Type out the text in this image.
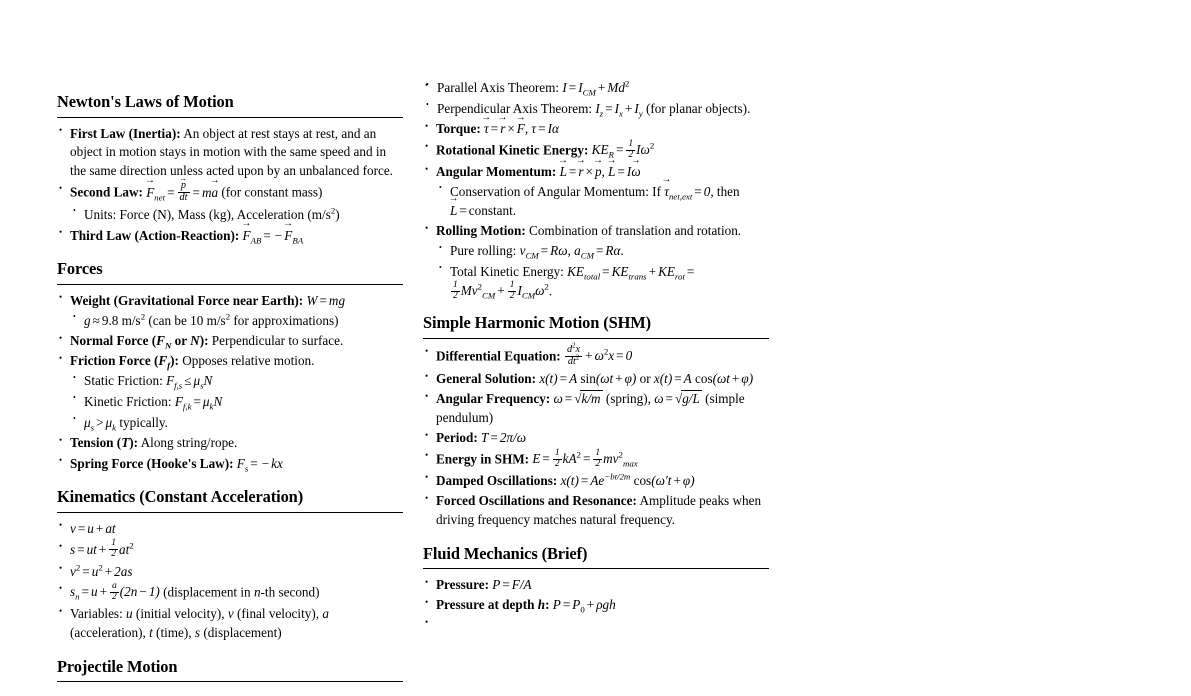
Newton's Laws of Motion
• First Law (Inertia): An object at rest stays at rest, and an object in motion stays in motion with the same speed and in the same direction unless acted upon by an unbalanced force.
• Second Law: $F \to_{net} = \frac{p \to}{dt}$ = ma → (for constant mass)
• Units: Force (N), Mass (kg), Acceleration $(m/s^2)$
• Third Law (Action-Reaction): $F \to_{AB}$ = − $F \to_{BA}$
Forces
• Weight (Gravitational Force near Earth): W = mg
• g ≈ 9.8 $m/s^2$ (can be 10 $m/s^2$ for approximations)
• Normal Force ($F_N$ or N): Perpendicular to surface.
• Friction Force $(F_f)$: Opposes relative motion.
• Static Friction: $F_{f,s} \le \mu_sN$
• Kinetic Friction: $F_{f,k} = \mu_kN$
• $\mu_s > \mu_k$ typically.
• Tension (T): Along string/rope.
• Spring Force (Hooke's Law): $F_s$ = − kx
Kinematics (Constant Acceleration)
• v = u + at
• s = ut + $\frac{1}{2} at^2$
• $v^2 = u^2 + 2as$
• $s_n = u + \frac{a}{2} (2n - 1)$ (displacement in n-th second)
• Variables: u (initial velocity), v (final velocity), a (acceleration), t (time), s (displacement)
Projectile Motion
• • Parallel Axis Theorem: $I = I_{CM} + Md^2$
• Perpendicular Axis Theorem: $I_z = I_x + I_y$ (for planar objects).
• Torque: τ → = r → × F →, τ = Iα
• Rotational Kinetic Energy: $KE_R = \frac{1}{2} I\omega^2$
• Angular Momentum: L → = r → × p →, L → = Iω →
• Conservation of Angular Momentum: If $\tau \to_{net,ext} = 0$, then L → = constant.
• Rolling Motion: Combination of translation and rotation.
• Pure rolling: $v_{CM} = R\omega$, $a_{CM} = R\alpha$.
• Total Kinetic Energy: $KE_{total} = KE_{trans} + KE_{rot}$ =
$\frac{1}{2} Mv^2_{CM} + \frac{1}{2} I_{CM}\omega^2$.
Simple Harmonic Motion (SHM)
• Differential Equation: $\frac{d^2x}{dt^2} + \omega^2x = 0$
• General Solution: x(t) = A sin(ωt + φ) or x(t) = A cos(ωt + φ)
• Angular Frequency: ω = √k/m (spring), ω = √g/L (simple pendulum)
• Period: T = 2π/ω
• Energy in SHM: $E = \frac{1}{2} kA^2 = \frac{1}{2} mv^2_{max}$
• Damped Oscillations: $x(t) = Ae^{-bt/2m}$ cos(ω′t + φ)
• Forced Oscillations and Resonance: Amplitude peaks when driving frequency matches natural frequency.
Fluid Mechanics (Brief)
• Pressure: P = F/A
• Pressure at depth h: $P = P_0 + \rho gh$
